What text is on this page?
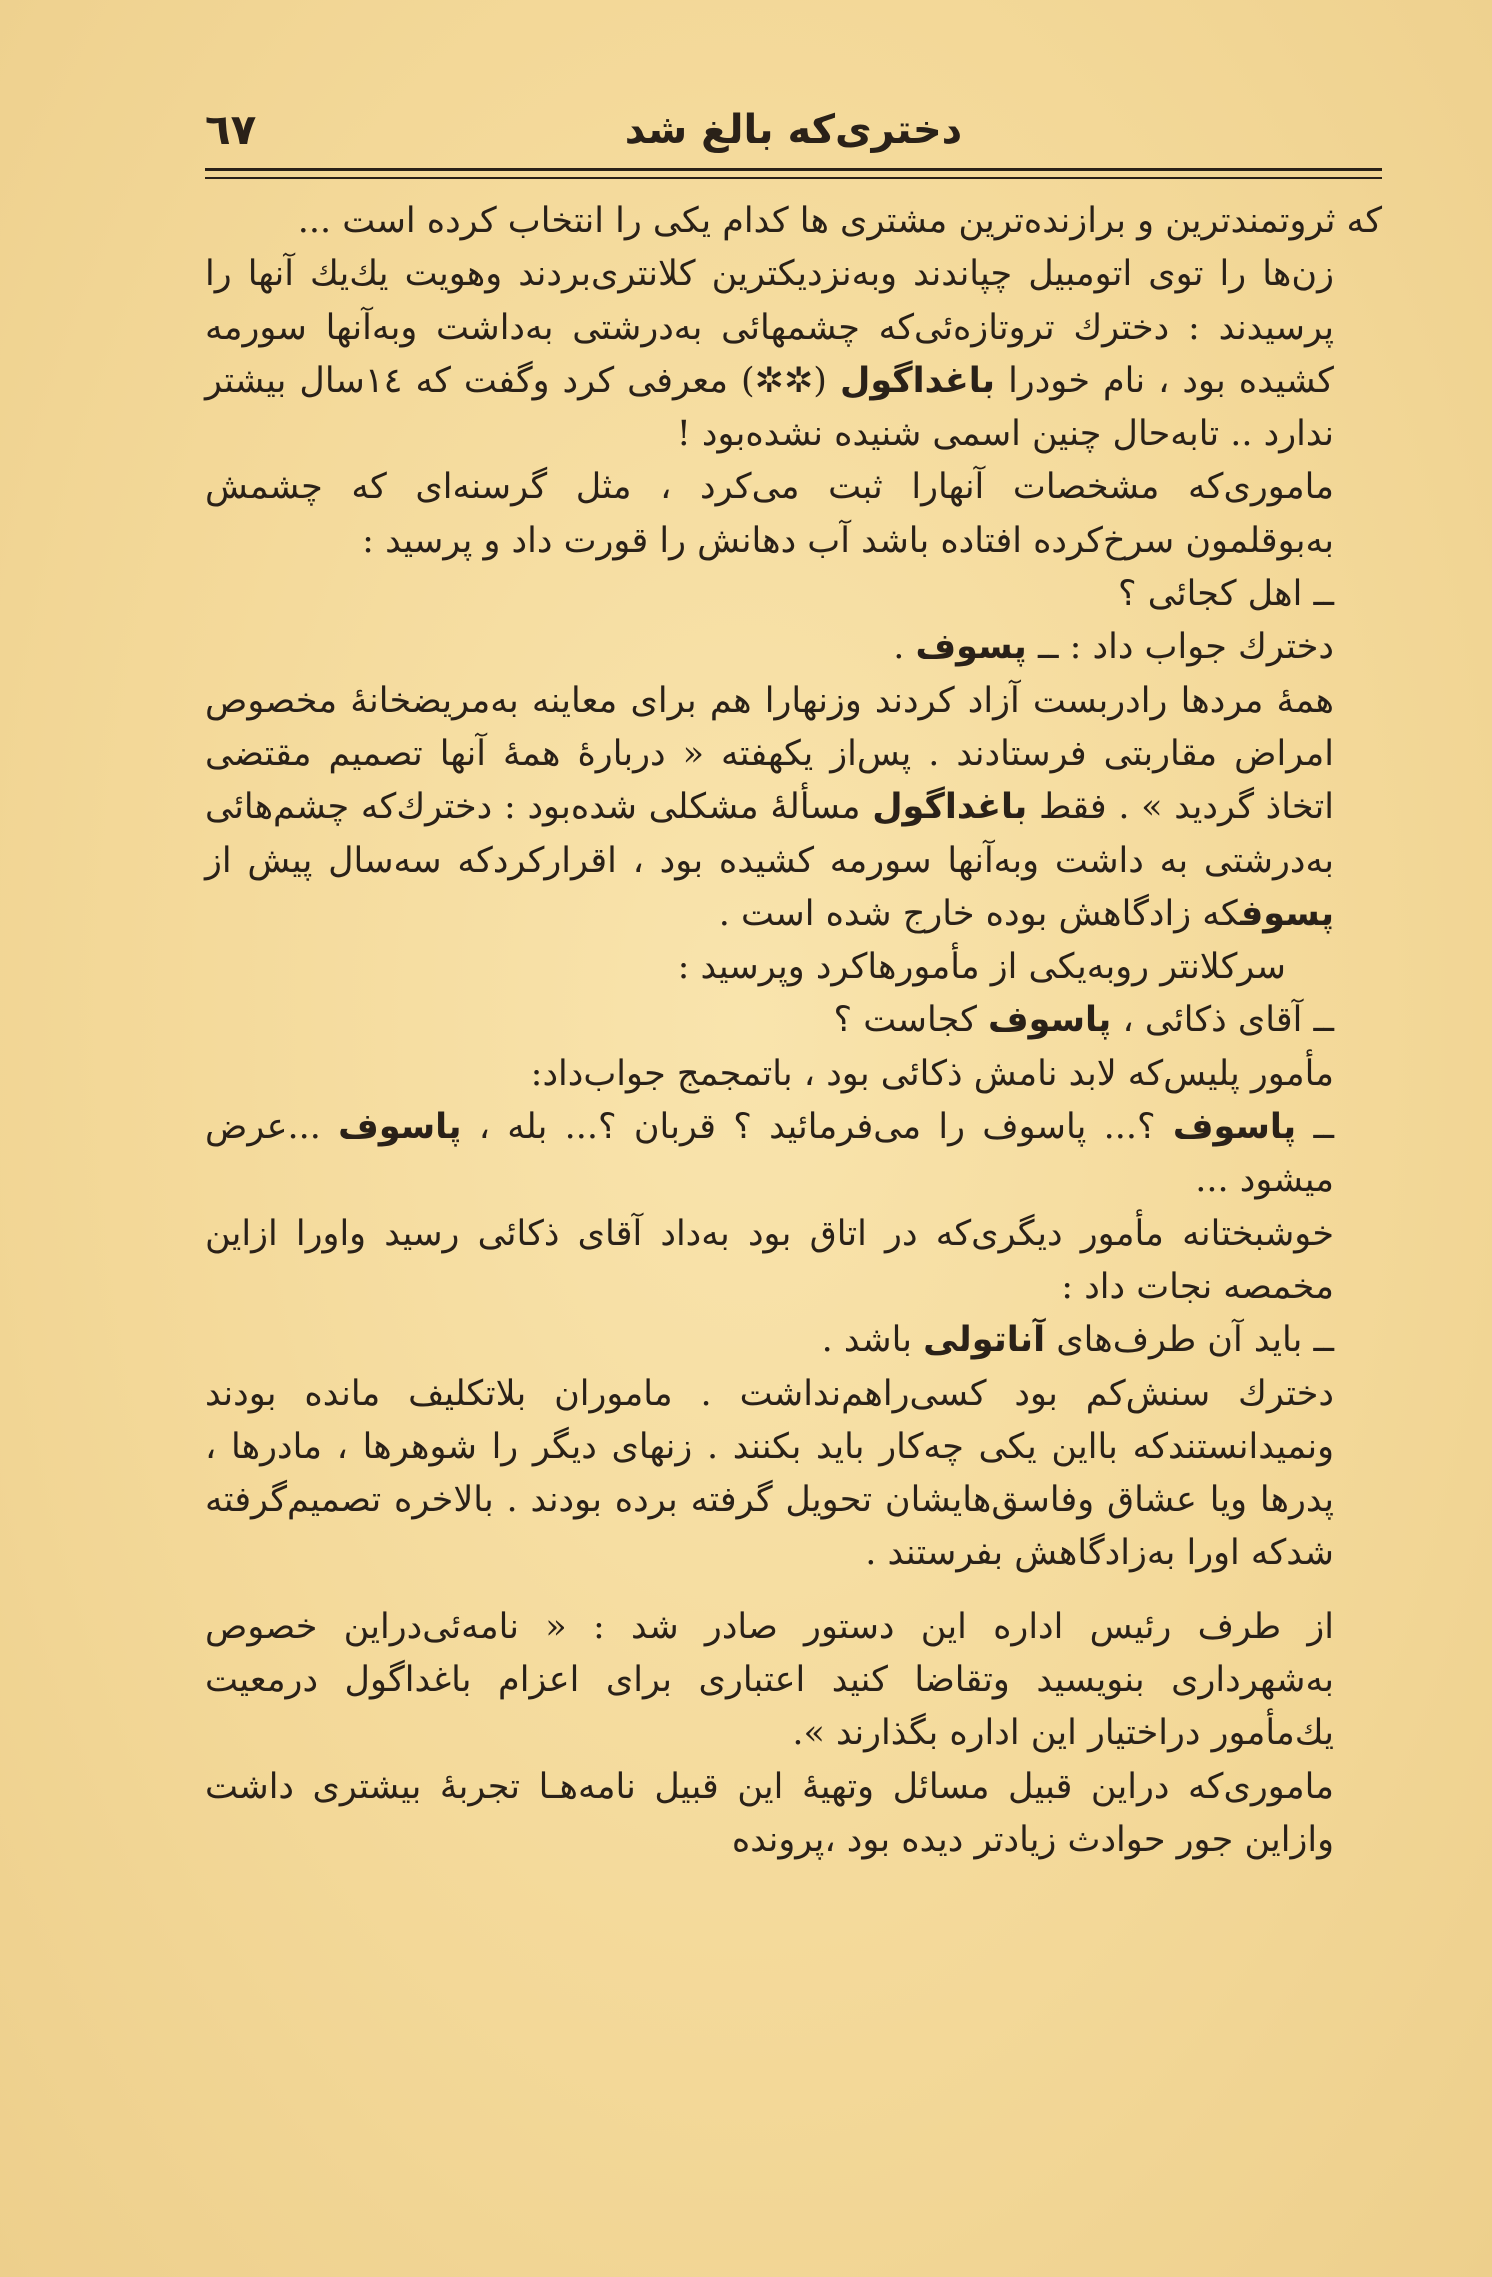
دختری‌که بالغ شد
٦٧

که ثروتمندترین و برازنده‌ترین مشتری ها کدام یکی را انتخاب کرده است ...

زن‌ها را توی اتومبیل چپاندند وبه‌نزدیکترین کلانتری‌بردند وهویت یك‌یك آنها را پرسیدند : دخترك تروتازه‌ئی‌که چشمهائی به‌درشتی به‌داشت وبه‌آنها سورمه کشیده بود ، نام خودرا باغداگول (✲✲) معرفی کرد وگفت که ١٤سال بیشتر ندارد .. تابه‌حال چنین اسمی شنیده نشده‌بود !

ماموری‌که مشخصات آنهارا ثبت می‌کرد ، مثل گرسنه‌ای که چشمش به‌بوقلمون سرخ‌کرده افتاده باشد آب دهانش را قورت داد و پرسید :

ــ اهل کجائی ؟

دخترك جواب داد : ــ پسوف .

همهٔ مردها رادربست آزاد کردند وزنهارا هم برای معاینه به‌مریضخانهٔ مخصوص امراض مقاربتی فرستادند . پس‌از یکهفته « دربارهٔ همهٔ آنها تصمیم مقتضی اتخاذ گردید » . فقط باغداگول مسألهٔ مشکلی شده‌بود : دخترك‌که چشم‌هائی به‌درشتی به داشت وبه‌آنها سورمه کشیده بود ، اقرارکردکه سه‌سال پیش از پسوفکه زادگاهش بوده خارج شده است .

سرکلانتر روبه‌یکی از مأمورهاکرد وپرسید :

ــ آقای ذکائی ، پاسوف کجاست ؟

مأمور پلیس‌که لابد نامش ذکائی بود ، باتمجمج جواب‌داد:

ــ پاسوف ؟... پاسوف را می‌فرمائید ؟ قربان ؟... بله ، پاسوف ...عرض میشود ...

خوشبختانه مأمور دیگری‌که در اتاق بود به‌داد آقای ذکائی رسید واورا ازاین مخمصه نجات داد :

ــ باید آن طرف‌های آناتولی باشد .

دخترك سنش‌کم بود کسی‌راهم‌نداشت . ماموران بلاتکلیف مانده بودند ونمیدانستندکه بااین یکی چه‌کار باید بکنند . زنهای دیگر را شوهرها ، مادرها ، پدرها ویا عشاق وفاسق‌هایشان تحویل گرفته برده بودند . بالاخره تصمیم‌گرفته شدکه اورا به‌زادگاهش بفرستند .

از طرف رئیس اداره این دستور صادر شد : « نامه‌ئی‌دراین خصوص به‌شهرداری بنویسید وتقاضا کنید اعتباری برای اعزام باغداگول درمعیت یك‌مأمور دراختیار این اداره بگذارند ».

ماموری‌که دراین قبیل مسائل وتهیهٔ این قبیل نامه‌هـا تجربهٔ بیشتری داشت وازاین جور حوادث زیادتر دیده بود ،پرونده
